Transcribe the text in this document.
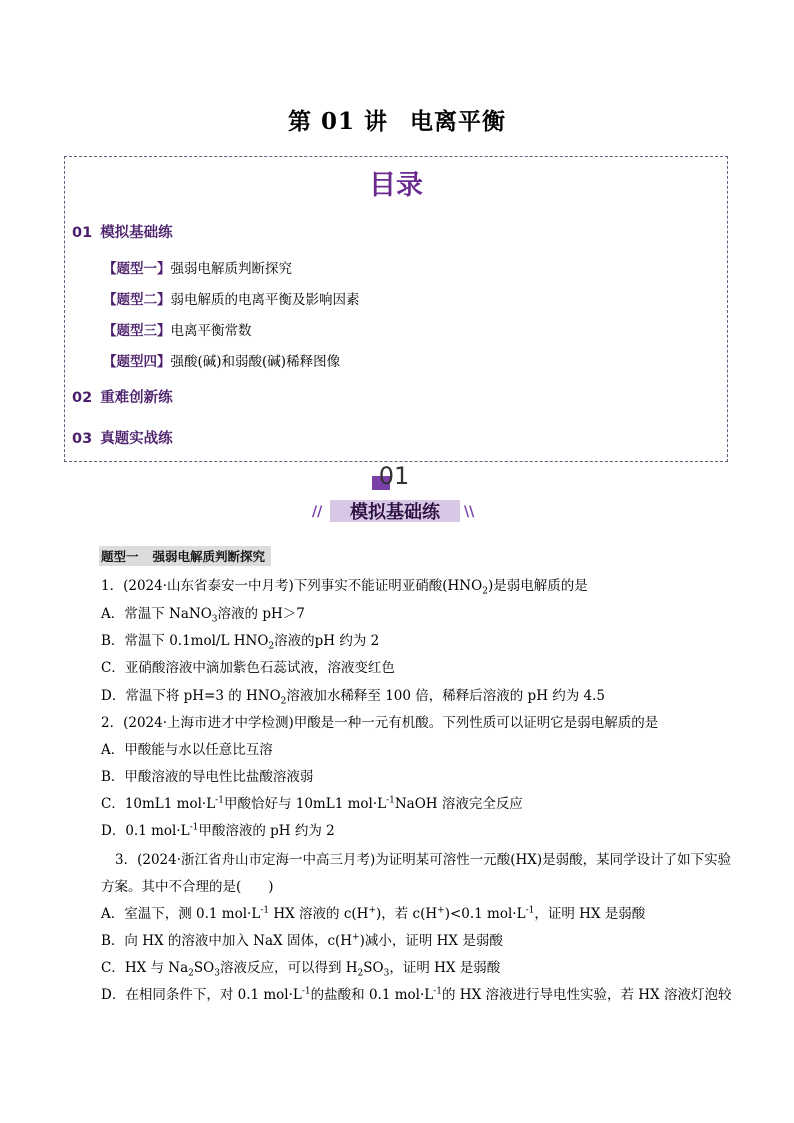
第 01 讲 电离平衡
目录
01 模拟基础练
【题型一】强弱电解质判断探究
【题型二】弱电解质的电离平衡及影响因素
【题型三】电离平衡常数
【题型四】强酸(碱)和弱酸(碱)稀释图像
02 重难创新练
03 真题实战练
01
//	模拟基础练	\\
题型一 强弱电解质判断探究
1．(2024·山东省泰安一中月考)下列事实不能证明亚硝酸$(HNO_2)$是弱电解质的是
A．常温下 NaNO$_3$溶液的 pH＞7
B．常温下 0.1mol/L $HNO_2$溶液的pH 约为 2
C．亚硝酸溶液中滴加紫色石蕊试液，溶液变红色
D．常温下将 pH=3 的 $HNO_2$溶液加水稀释至 100 倍，稀释后溶液的 pH 约为 4.5
2．(2024·上海市进才中学检测)甲酸是一种一元有机酸。下列性质可以证明它是弱电解质的是
A．甲酸能与水以任意比互溶
B．甲酸溶液的导电性比盐酸溶液弱
C．10mL1 $mol\cdot L^{-1}$甲酸恰好与 10mL1 $mol\cdot L^{-1}NaOH$ 溶液完全反应
D．0.1 $mol\cdot L^{-1}$甲酸溶液的 pH 约为 2
3．(2024·浙江省舟山市定海一中高三月考)为证明某可溶性一元酸(HX)是弱酸，某同学设计了如下实验
方案。其中不合理的是(　　)
A．室温下，测 0.1 $mol\cdot L^{-1}$ HX 溶液的 c(H+)，若 c(H+)<0.1 $mol\cdot L^{-1}$，证明 HX 是弱酸
B．向 HX 的溶液中加入 NaX 固体，c(H+)减小，证明 HX 是弱酸
C．HX 与 $Na_2SO_3$溶液反应，可以得到 $H_2SO_3$，证明 HX 是弱酸
D．在相同条件下，对 0.1 $mol\cdot L^{-1}$的盐酸和 0.1 $mol\cdot L^{-1}$的 HX 溶液进行导电性实验，若 HX 溶液灯泡较
